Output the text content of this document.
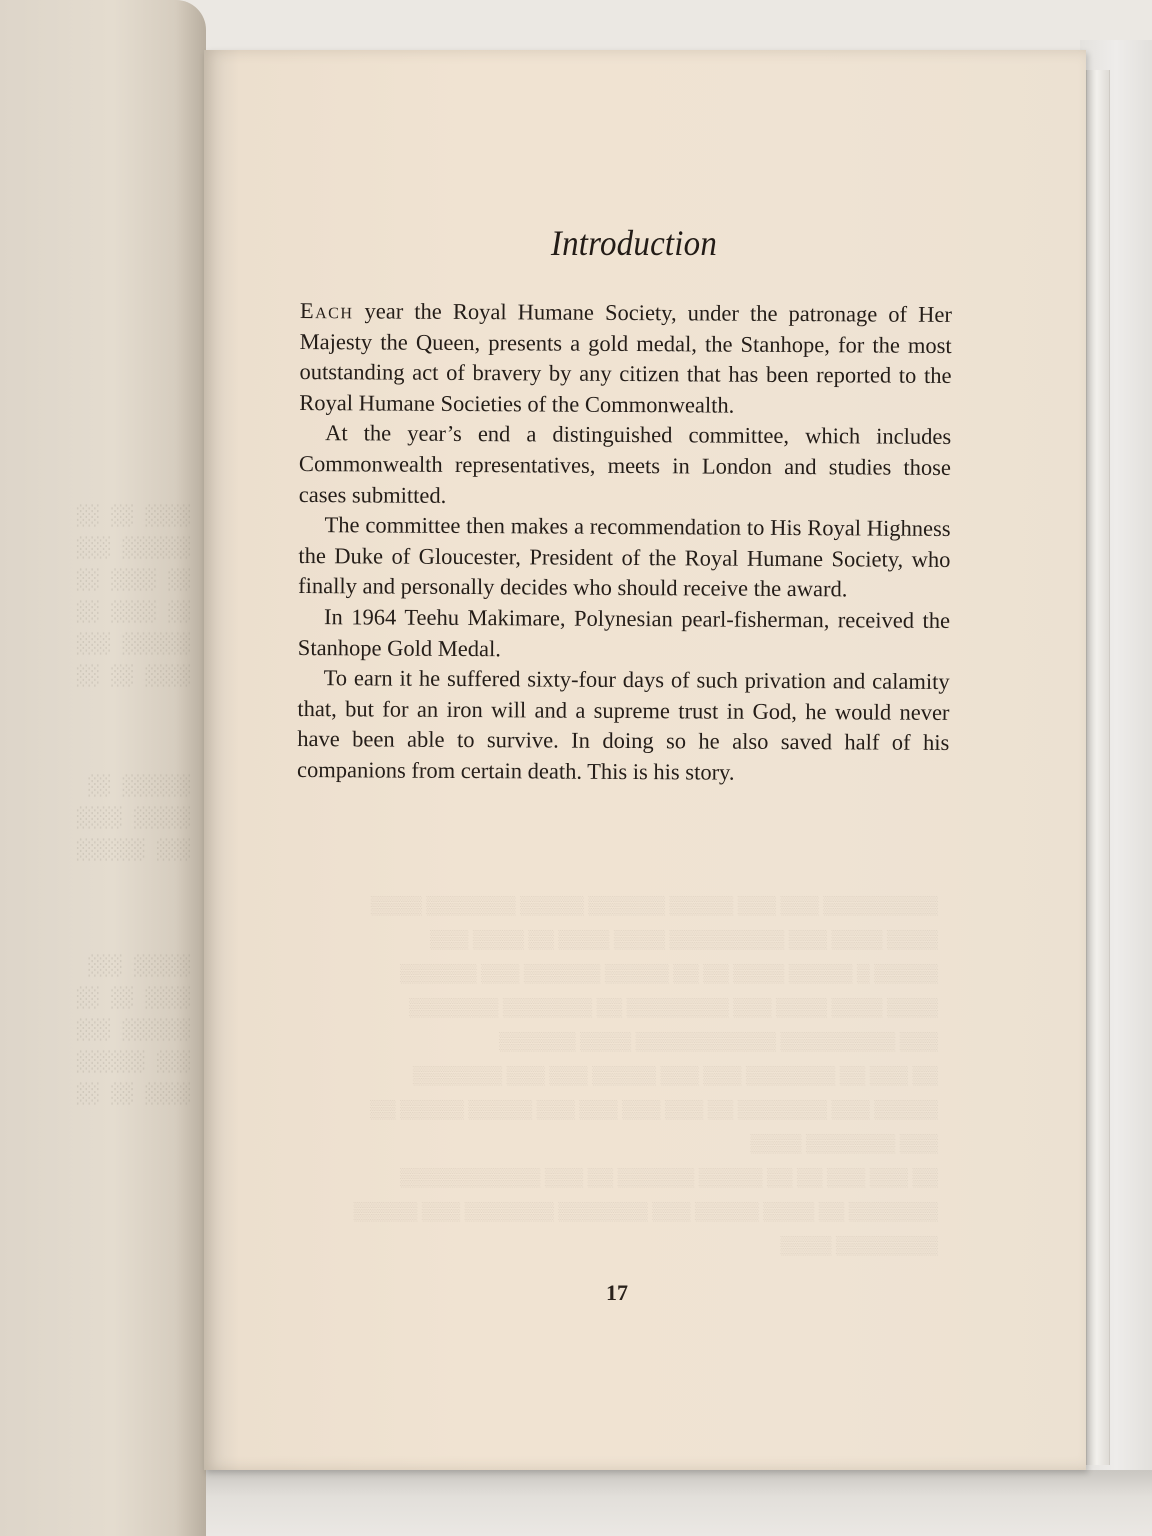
░░░░ ░░ ░░
░░░░░░ ░░░
░░ ░░░░ ░░
░░ ░░░░ ░░
░░░░░░ ░░░
░░░░ ░░ ░░
░░░░░░ ░░
░░░░░ ░░░░
░░░ ░░░░░░
░░░░░ ░░░
░░░░ ░░ ░░
░░░░░░ ░░░
░░░ ░░░░░░
░░░░ ░░ ░░

▒▒▒▒▒▒▒▒▒ ▒▒▒ ▒▒▒ ▒▒▒▒▒ ▒▒▒▒▒▒ ▒▒▒▒▒ ▒▒▒▒▒▒▒ ▒▒▒▒

▒▒▒▒ ▒▒▒▒ ▒▒▒ ▒▒▒▒▒▒▒▒▒ ▒▒▒▒ ▒▒▒▒ ▒▒ ▒▒▒▒ ▒▒▒

▒▒▒▒▒ ▒ ▒▒▒▒▒ ▒▒▒▒ ▒▒ ▒▒ ▒▒▒▒▒ ▒▒▒▒▒▒ ▒▒▒ ▒▒▒▒▒▒

▒▒▒▒ ▒▒▒▒ ▒▒▒▒ ▒▒▒ ▒▒▒▒▒▒▒▒ ▒▒ ▒▒▒▒▒▒▒ ▒▒▒▒▒▒▒

▒▒▒ ▒▒▒▒▒▒▒▒▒ ▒▒▒▒▒▒▒▒▒▒▒ ▒▒▒▒ ▒▒▒▒▒▒

▒▒ ▒▒▒ ▒▒ ▒▒▒▒▒▒▒ ▒▒▒ ▒▒▒ ▒▒▒▒▒ ▒▒▒ ▒▒▒ ▒▒▒▒▒▒▒

▒▒▒▒▒ ▒▒▒ ▒▒▒▒▒▒▒ ▒▒ ▒▒▒ ▒▒▒ ▒▒▒ ▒▒▒ ▒▒▒▒▒ ▒▒▒▒▒ ▒▒

▒▒▒ ▒▒▒▒▒▒▒ ▒▒▒▒

▒▒ ▒▒▒ ▒▒▒ ▒▒ ▒▒ ▒▒▒▒▒ ▒▒▒▒▒▒ ▒▒ ▒▒▒ ▒▒▒▒▒▒▒▒▒▒▒

▒▒▒▒▒▒▒ ▒▒ ▒▒▒▒ ▒▒▒▒▒ ▒▒▒ ▒▒▒▒▒▒▒ ▒▒▒▒▒▒▒ ▒▒▒ ▒▒▒▒▒

▒▒▒▒▒▒▒▒ ▒▒▒▒

Introduction

Each year the Royal Humane Society, under the patronage of Her Majesty the Queen, presents a gold medal, the Stanhope, for the most outstanding act of bravery by any citizen that has been reported to the Royal Humane Societies of the Commonwealth.

At the year’s end a distinguished committee, which includes Commonwealth representatives, meets in London and studies those cases submitted.

The committee then makes a recommendation to His Royal Highness the Duke of Gloucester, President of the Royal Humane Society, who finally and personally decides who should receive the award.

In 1964 Teehu Makimare, Polynesian pearl-fisherman, received the Stanhope Gold Medal.

To earn it he suffered sixty-four days of such privation and calamity that, but for an iron will and a supreme trust in God, he would never have been able to survive. In doing so he also saved half of his companions from certain death. This is his story.

17
